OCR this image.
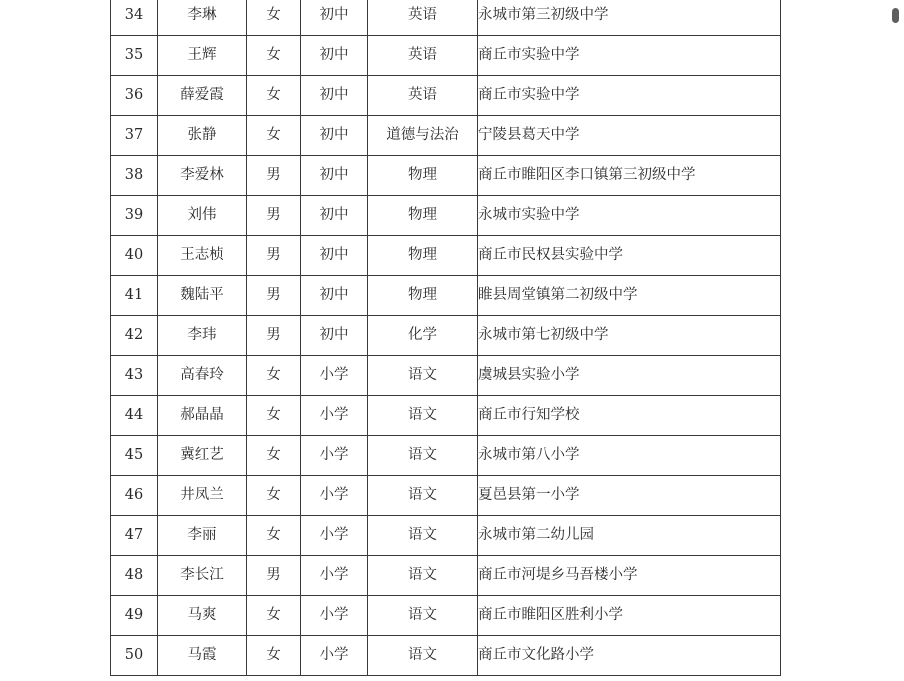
34	李琳	女	初中	英语	永城市第三初级中学
35	王辉	女	初中	英语	商丘市实验中学
36	薛爱霞	女	初中	英语	商丘市实验中学
37	张静	女	初中	道德与法治	宁陵县葛天中学
38	李爱林	男	初中	物理	商丘市睢阳区李口镇第三初级中学
39	刘伟	男	初中	物理	永城市实验中学
40	王志桢	男	初中	物理	商丘市民权县实验中学
41	魏陆平	男	初中	物理	睢县周堂镇第二初级中学
42	李玮	男	初中	化学	永城市第七初级中学
43	高春玲	女	小学	语文	虞城县实验小学
44	郝晶晶	女	小学	语文	商丘市行知学校
45	冀红艺	女	小学	语文	永城市第八小学
46	井凤兰	女	小学	语文	夏邑县第一小学
47	李丽	女	小学	语文	永城市第二幼儿园
48	李长江	男	小学	语文	商丘市河堤乡马吾楼小学
49	马爽	女	小学	语文	商丘市睢阳区胜利小学
50	马霞	女	小学	语文	商丘市文化路小学
